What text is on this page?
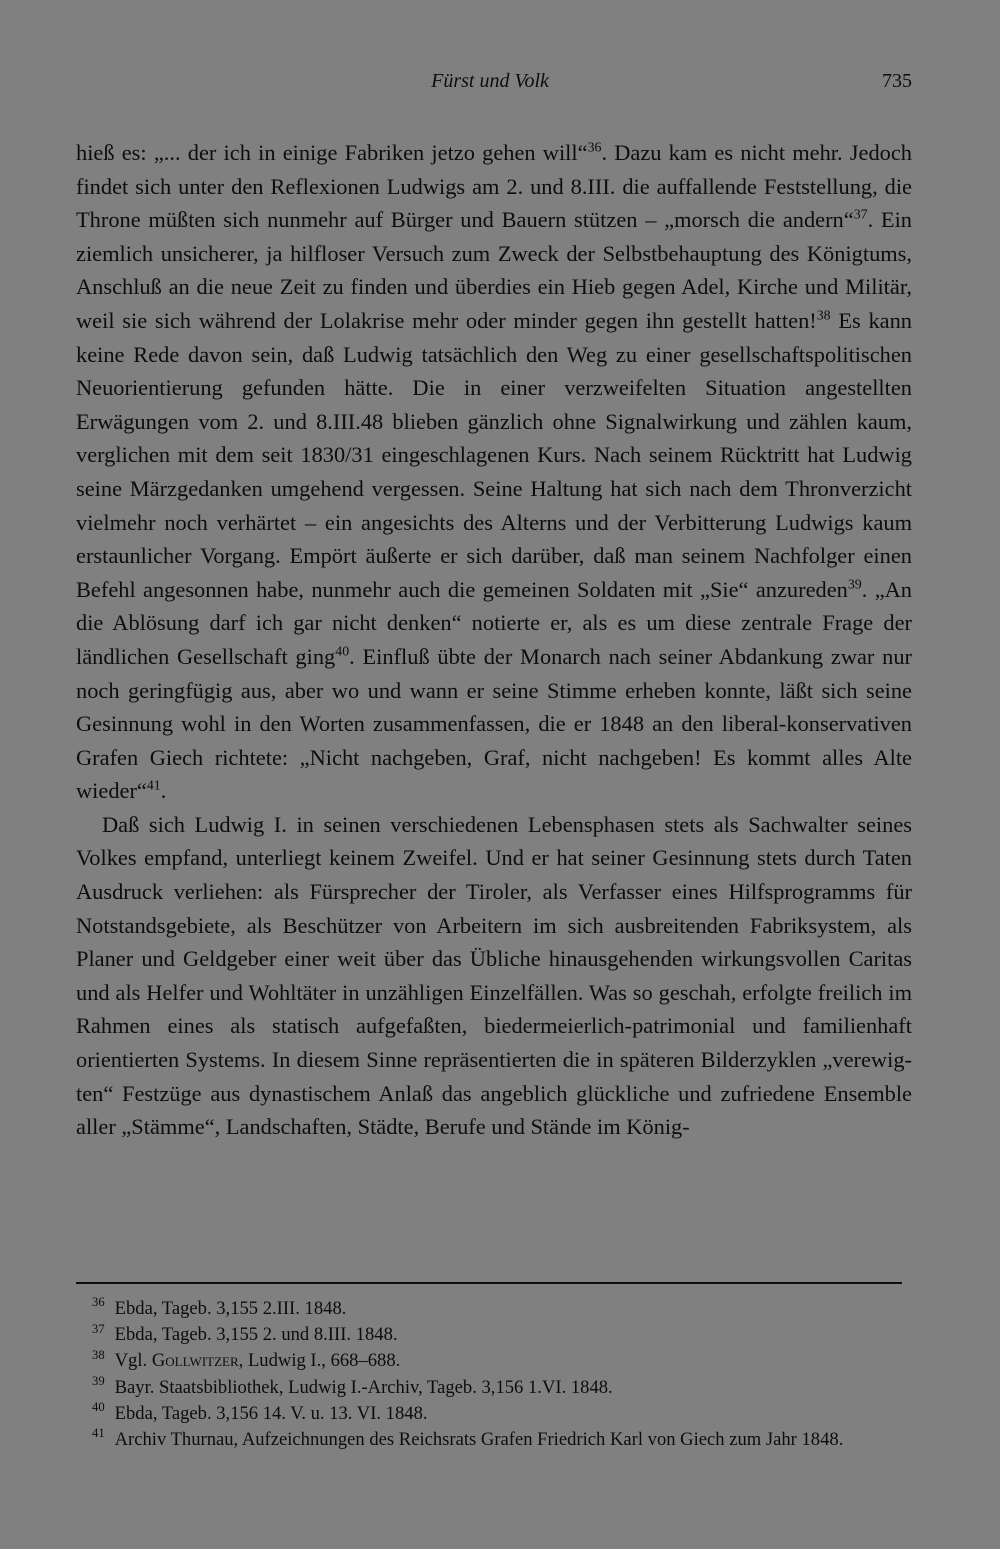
Fürst und Volk	735

hieß es: „... der ich in einige Fabriken jetzo gehen will“$^{36}$. Dazu kam es nicht mehr. Jedoch findet sich unter den Reflexionen Ludwigs am 2. und 8.III. die auffallende Feststellung, die Throne müßten sich nunmehr auf Bürger und Bauern stützen – „morsch die andern“$^{37}$. Ein ziemlich unsicherer, ja hilfloser Versuch zum Zweck der Selbstbehauptung des Königtums, Anschluß an die neue Zeit zu finden und überdies ein Hieb gegen Adel, Kirche und Militär, weil sie sich während der Lolakrise mehr oder minder gegen ihn gestellt hatten!$^{38}$ Es kann keine Rede davon sein, daß Ludwig tatsächlich den Weg zu einer gesellschaftspolitischen Neuorientierung gefunden hätte. Die in einer verzweifelten Situation angestellten Erwägungen vom 2. und 8.III.48 blieben gänzlich ohne Signalwirkung und zählen kaum, verglichen mit dem seit 1830/31 eingeschlagenen Kurs. Nach seinem Rücktritt hat Ludwig seine Märzgedanken umgehend vergessen. Seine Haltung hat sich nach dem Thronverzicht vielmehr noch verhärtet – ein angesichts des Alterns und der Verbitterung Ludwigs kaum erstaunlicher Vorgang. Empört äußerte er sich darüber, daß man seinem Nachfolger einen Befehl angesonnen habe, nunmehr auch die gemeinen Soldaten mit „Sie“ anzureden$^{39}$. „An die Ablösung darf ich gar nicht denken“ notierte er, als es um diese zentrale Frage der ländlichen Gesellschaft ging$^{40}$. Einfluß übte der Monarch nach seiner Abdankung zwar nur noch geringfügig aus, aber wo und wann er seine Stimme erheben konnte, läßt sich seine Gesinnung wohl in den Worten zusammenfassen, die er 1848 an den liberal-konservativen Grafen Giech richtete: „Nicht nachgeben, Graf, nicht nachgeben! Es kommt alles Alte wieder“$^{41}$.

Daß sich Ludwig I. in seinen verschiedenen Lebensphasen stets als Sachwalter seines Volkes empfand, unterliegt keinem Zweifel. Und er hat seiner Gesinnung stets durch Taten Ausdruck verliehen: als Fürsprecher der Tiroler, als Verfasser eines Hilfsprogramms für Notstandsgebiete, als Beschützer von Arbeitern im sich ausbreitenden Fabriksystem, als Planer und Geldgeber einer weit über das Übliche hinausgehenden wirkungsvollen Caritas und als Helfer und Wohltäter in unzähligen Einzelfällen. Was so geschah, erfolgte freilich im Rahmen eines als statisch aufgefaßten, biedermeierlich-patrimonial und familienhaft orientierten Systems. In diesem Sinne repräsentierten die in späteren Bilderzyklen „verewigten“ Festzüge aus dynastischem Anlaß das angeblich glückliche und zufriedene Ensemble aller „Stämme“, Landschaften, Städte, Berufe und Stände im König-

$^{36}$ Ebda, Tageb. 3,155 2.III. 1848.

$^{37}$ Ebda, Tageb. 3,155 2. und 8.III. 1848.

$^{38}$ Vgl. Gollwitzer, Ludwig I., 668–688.

$^{39}$ Bayr. Staatsbibliothek, Ludwig I.-Archiv, Tageb. 3,156 1.VI. 1848.

$^{40}$ Ebda, Tageb. 3,156 14. V. u. 13. VI. 1848.

$^{41}$ Archiv Thurnau, Aufzeichnungen des Reichsrats Grafen Friedrich Karl von Giech zum Jahr 1848.
